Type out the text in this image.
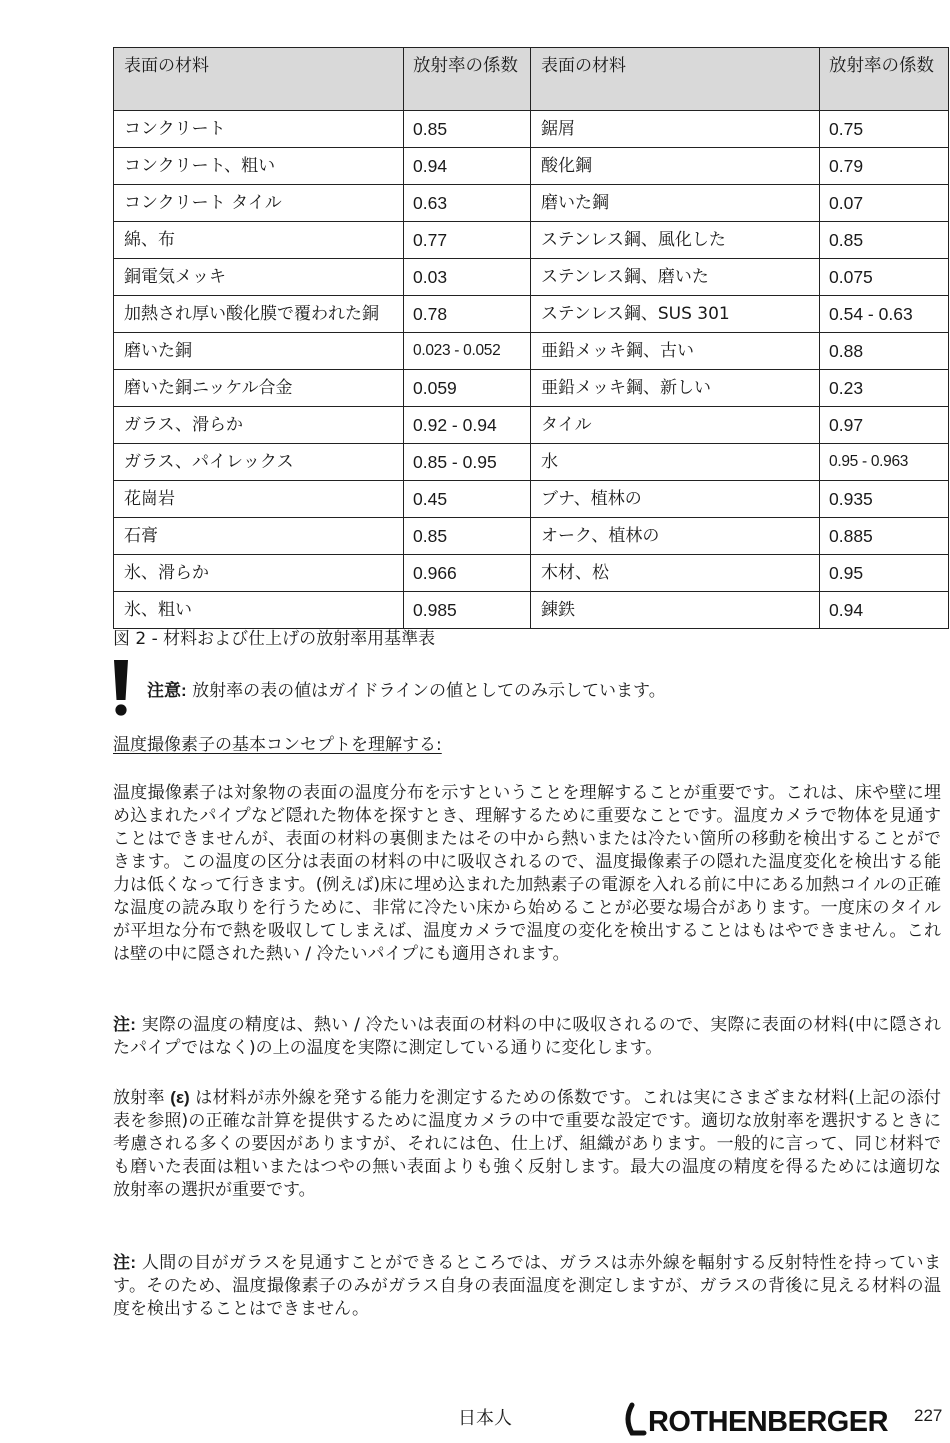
表面の材料	放射率の係数	表面の材料	放射率の係数
コンクリート	0.85	鋸屑	0.75
コンクリート、粗い	0.94	酸化鋼	0.79
コンクリート タイル	0.63	磨いた鋼	0.07
綿、布	0.77	ステンレス鋼、風化した	0.85
銅電気メッキ	0.03	ステンレス鋼、磨いた	0.075
加熱され厚い酸化膜で覆われた銅	0.78	ステンレス鋼、SUS 301	0.54 - 0.63
磨いた銅	0.023 - 0.052	亜鉛メッキ鋼、古い	0.88
磨いた銅ニッケル合金	0.059	亜鉛メッキ鋼、新しい	0.23
ガラス、滑らか	0.92 - 0.94	タイル	0.97
ガラス、パイレックス	0.85 - 0.95	水	0.95 - 0.963
花崗岩	0.45	ブナ、植林の	0.935
石膏	0.85	オーク、植林の	0.885
氷、滑らか	0.966	木材、松	0.95
氷、粗い	0.985	錬鉄	0.94
図 2 - 材料および仕上げの放射率用基準表
注意: 放射率の表の値はガイドラインの値としてのみ示しています。
温度撮像素子の基本コンセプトを理解する:

温度撮像素子は対象物の表面の温度分布を示すということを理解することが重要です。これは、床や壁に埋め込まれたパイプなど隠れた物体を探すとき、理解するために重要なことです。温度カメラで物体を見通すことはできませんが、表面の材料の裏側またはその中から熱いまたは冷たい箇所の移動を検出することができます。この温度の区分は表面の材料の中に吸収されるので、温度撮像素子の隠れた温度変化を検出する能力は低くなって行きます。(例えば)床に埋め込まれた加熱素子の電源を入れる前に中にある加熱コイルの正確な温度の読み取りを行うために、非常に冷たい床から始めることが必要な場合があります。一度床のタイルが平坦な分布で熱を吸収してしまえば、温度カメラで温度の変化を検出することはもはやできません。これは壁の中に隠された熱い / 冷たいパイプにも適用されます。

注: 実際の温度の精度は、熱い / 冷たいは表面の材料の中に吸収されるので、実際に表面の材料(中に隠されたパイプではなく)の上の温度を実際に測定している通りに変化します。

放射率 (ε) は材料が赤外線を発する能力を測定するための係数です。これは実にさまざまな材料(上記の添付表を参照)の正確な計算を提供するために温度カメラの中で重要な設定です。適切な放射率を選択するときに考慮される多くの要因がありますが、それには色、仕上げ、組織があります。一般的に言って、同じ材料でも磨いた表面は粗いまたはつやの無い表面よりも強く反射します。最大の温度の精度を得るためには適切な放射率の選択が重要です。

注: 人間の目がガラスを見通すことができるところでは、ガラスは赤外線を輻射する反射特性を持っています。そのため、温度撮像素子のみがガラス自身の表面温度を測定しますが、ガラスの背後に見える材料の温度を検出することはできません。

日本人	ROTHENBERGER 227
